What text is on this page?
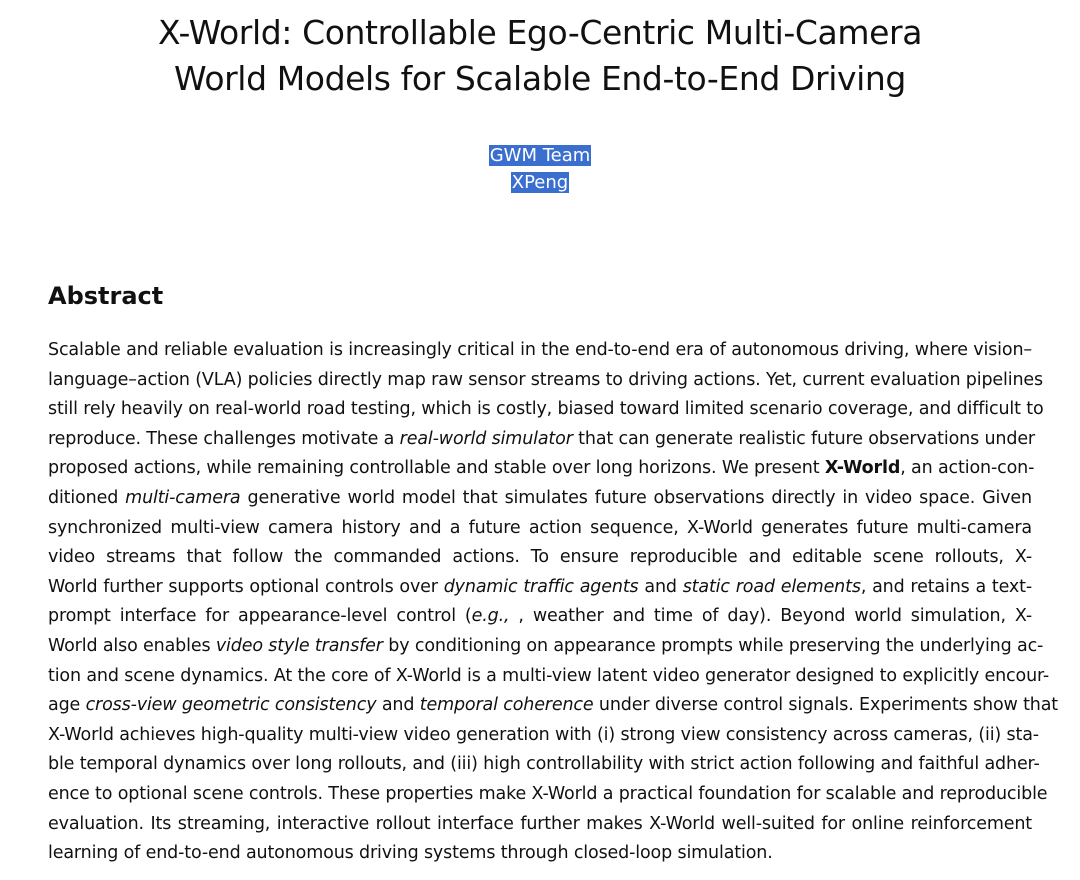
X-World: Controllable Ego-Centric Multi-Camera
World Models for Scalable End-to-End Driving
GWM Team
XPeng
Abstract
Scalable and reliable evaluation is increasingly critical in the end-to-end era of autonomous driving, where vision–
language–action (VLA) policies directly map raw sensor streams to driving actions. Yet, current evaluation pipelines
still rely heavily on real-world road testing, which is costly, biased toward limited scenario coverage, and difficult to
reproduce. These challenges motivate a real-world simulator that can generate realistic future observations under
proposed actions, while remaining controllable and stable over long horizons. We present X-World, an action-con-
ditioned multi-camera generative world model that simulates future observations directly in video space. Given
synchronized multi-view camera history and a future action sequence, X-World generates future multi-camera
video streams that follow the commanded actions. To ensure reproducible and editable scene rollouts, X-
World further supports optional controls over dynamic traffic agents and static road elements, and retains a text-
prompt interface for appearance-level control (e.g., , weather and time of day). Beyond world simulation, X-
World also enables video style transfer by conditioning on appearance prompts while preserving the underlying ac-
tion and scene dynamics. At the core of X-World is a multi-view latent video generator designed to explicitly encour-
age cross-view geometric consistency and temporal coherence under diverse control signals. Experiments show that
X-World achieves high-quality multi-view video generation with (i) strong view consistency across cameras, (ii) sta-
ble temporal dynamics over long rollouts, and (iii) high controllability with strict action following and faithful adher-
ence to optional scene controls. These properties make X-World a practical foundation for scalable and reproducible
evaluation. Its streaming, interactive rollout interface further makes X-World well-suited for online reinforcement
learning of end-to-end autonomous driving systems through closed-loop simulation.
